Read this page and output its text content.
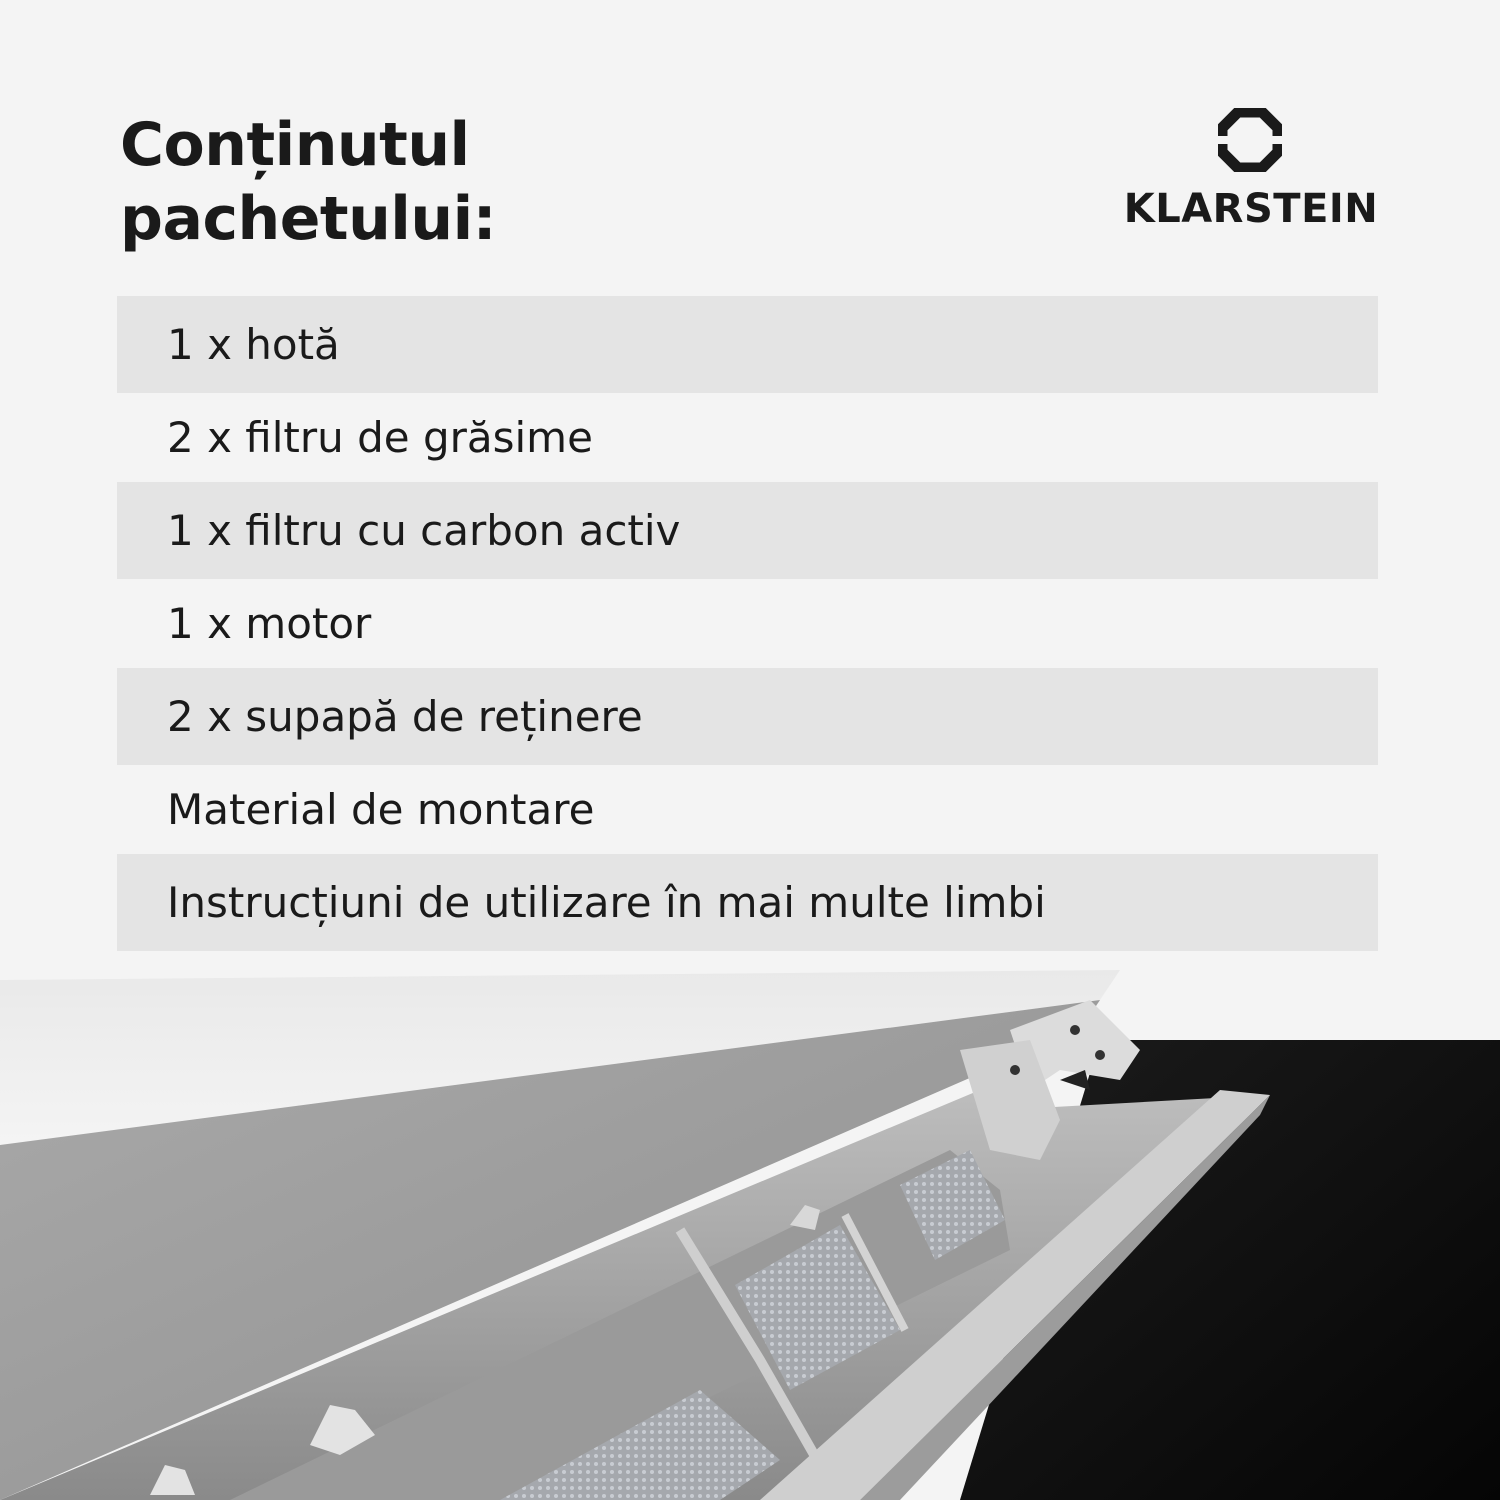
Conținutul
pachetului:	KLARSTEIN
1 x hotă
2 x filtru de grăsime
1 x filtru cu carbon activ
1 x motor
2 x supapă de reținere
Material de montare
Instrucțiuni de utilizare în mai multe limbi
